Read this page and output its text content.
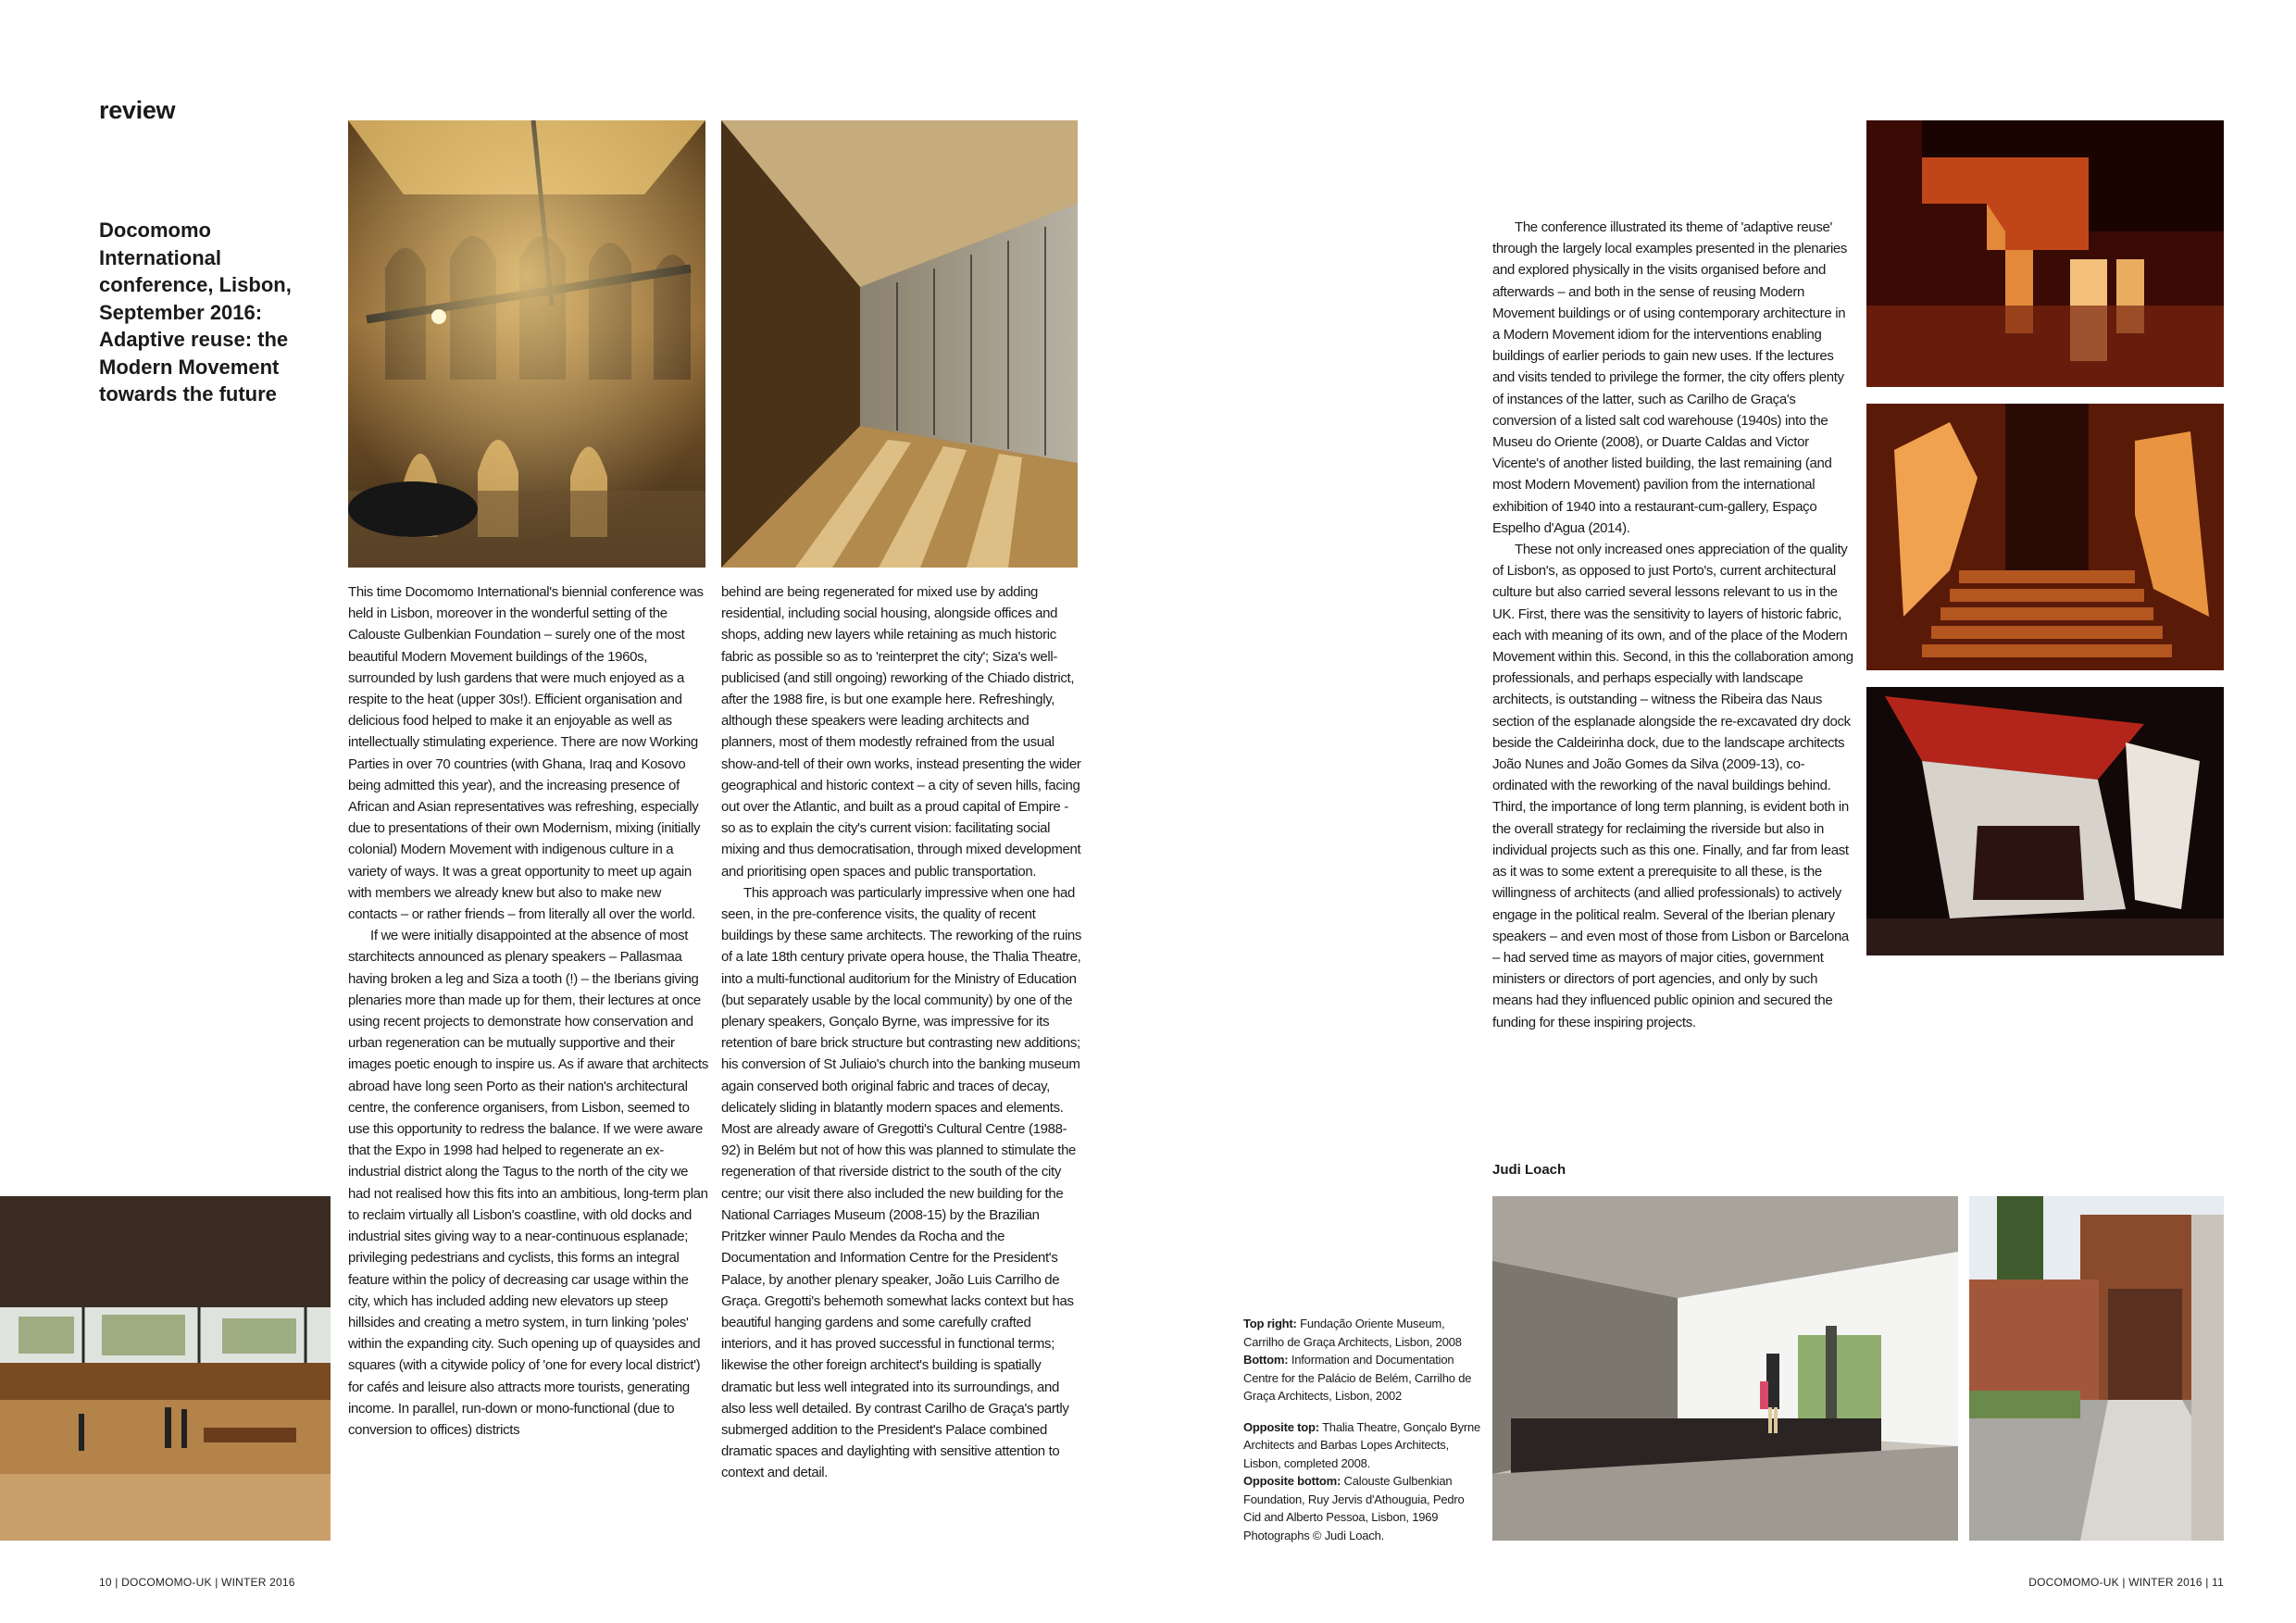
review
Docomomo International conference, Lisbon, September 2016: Adaptive reuse: the Modern Movement towards the future

This time Docomomo International's biennial conference was held in Lisbon, moreover in the wonderful setting of the Calouste Gulbenkian Foundation – surely one of the most beautiful Modern Movement buildings of the 1960s, surrounded by lush gardens that were much enjoyed as a respite to the heat (upper 30s!). Efficient organisation and delicious food helped to make it an enjoyable as well as intellectually stimulating experience. There are now Working Parties in over 70 countries (with Ghana, Iraq and Kosovo being admitted this year), and the increasing presence of African and Asian representatives was refreshing, especially due to presentations of their own Modernism, mixing (initially colonial) Modern Movement with indigenous culture in a variety of ways. It was a great opportunity to meet up again with members we already knew but also to make new contacts – or rather friends – from literally all over the world.

If we were initially disappointed at the absence of most starchitects announced as plenary speakers – Pallasmaa having broken a leg and Siza a tooth (!) – the Iberians giving plenaries more than made up for them, their lectures at once using recent projects to demonstrate how conservation and urban regeneration can be mutually supportive and their images poetic enough to inspire us. As if aware that architects abroad have long seen Porto as their nation's architectural centre, the conference organisers, from Lisbon, seemed to use this opportunity to redress the balance. If we were aware that the Expo in 1998 had helped to regenerate an ex-industrial district along the Tagus to the north of the city we had not realised how this fits into an ambitious, long-term plan to reclaim virtually all Lisbon's coastline, with old docks and industrial sites giving way to a near-continuous esplanade; privileging pedestrians and cyclists, this forms an integral feature within the policy of decreasing car usage within the city, which has included adding new elevators up steep hillsides and creating a metro system, in turn linking 'poles' within the expanding city. Such opening up of quaysides and squares (with a citywide policy of 'one for every local district') for cafés and leisure also attracts more tourists, generating income. In parallel, run-down or mono-functional (due to conversion to offices) districts

behind are being regenerated for mixed use by adding residential, including social housing, alongside offices and shops, adding new layers while retaining as much historic fabric as possible so as to 'reinterpret the city'; Siza's well-publicised (and still ongoing) reworking of the Chiado district, after the 1988 fire, is but one example here. Refreshingly, although these speakers were leading architects and planners, most of them modestly refrained from the usual show-and-tell of their own works, instead presenting the wider geographical and historic context – a city of seven hills, facing out over the Atlantic, and built as a proud capital of Empire - so as to explain the city's current vision: facilitating social mixing and thus democratisation, through mixed development and prioritising open spaces and public transportation.

This approach was particularly impressive when one had seen, in the pre-conference visits, the quality of recent buildings by these same architects. The reworking of the ruins of a late 18th century private opera house, the Thalia Theatre, into a multi-functional auditorium for the Ministry of Education (but separately usable by the local community) by one of the plenary speakers, Gonçalo Byrne, was impressive for its retention of bare brick structure but contrasting new additions; his conversion of St Juliaio's church into the banking museum again conserved both original fabric and traces of decay, delicately sliding in blatantly modern spaces and elements. Most are already aware of Gregotti's Cultural Centre (1988-92) in Belém but not of how this was planned to stimulate the regeneration of that riverside district to the south of the city centre; our visit there also included the new building for the National Carriages Museum (2008-15) by the Brazilian Pritzker winner Paulo Mendes da Rocha and the Documentation and Information Centre for the President's Palace, by another plenary speaker, João Luis Carrilho de Graça. Gregotti's behemoth somewhat lacks context but has beautiful hanging gardens and some carefully crafted interiors, and it has proved successful in functional terms; likewise the other foreign architect's building is spatially dramatic but less well integrated into its surroundings, and also less well detailed. By contrast Carilho de Graça's partly submerged addition to the President's Palace combined dramatic spaces and daylighting with sensitive attention to context and detail.

The conference illustrated its theme of 'adaptive reuse' through the largely local examples presented in the plenaries and explored physically in the visits organised before and afterwards – and both in the sense of reusing Modern Movement buildings or of using contemporary architecture in a Modern Movement idiom for the interventions enabling buildings of earlier periods to gain new uses. If the lectures and visits tended to privilege the former, the city offers plenty of instances of the latter, such as Carilho de Graça's conversion of a listed salt cod warehouse (1940s) into the Museu do Oriente (2008), or Duarte Caldas and Victor Vicente's of another listed building, the last remaining (and most Modern Movement) pavilion from the international exhibition of 1940 into a restaurant-cum-gallery, Espaço Espelho d'Agua (2014).

These not only increased ones appreciation of the quality of Lisbon's, as opposed to just Porto's, current architectural culture but also carried several lessons relevant to us in the UK. First, there was the sensitivity to layers of historic fabric, each with meaning of its own, and of the place of the Modern Movement within this. Second, in this the collaboration among professionals, and perhaps especially with landscape architects, is outstanding – witness the Ribeira das Naus section of the esplanade alongside the re-excavated dry dock beside the Caldeirinha dock, due to the landscape architects João Nunes and João Gomes da Silva (2009-13), co-ordinated with the reworking of the naval buildings behind. Third, the importance of long term planning, is evident both in the overall strategy for reclaiming the riverside but also in individual projects such as this one. Finally, and far from least as it was to some extent a prerequisite to all these, is the willingness of architects (and allied professionals) to actively engage in the political realm. Several of the Iberian plenary speakers – and even most of those from Lisbon or Barcelona – had served time as mayors of major cities, government ministers or directors of port agencies, and only by such means had they influenced public opinion and secured the funding for these inspiring projects.

Judi Loach
Top right: Fundação Oriente Museum, Carrilho de Graça Architects, Lisbon, 2008
Bottom: Information and Documentation Centre for the Palácio de Belém, Carrilho de Graça Architects, Lisbon, 2002
Opposite top: Thalia Theatre, Gonçalo Byrne Architects and Barbas Lopes Architects, Lisbon, completed 2008.
Opposite bottom: Calouste Gulbenkian Foundation, Ruy Jervis d'Athouguia, Pedro Cid and Alberto Pessoa, Lisbon, 1969
Photographs © Judi Loach.
10 | DOCOMOMO-UK | WINTER 2016	DOCOMOMO-UK | WINTER 2016 | 11
